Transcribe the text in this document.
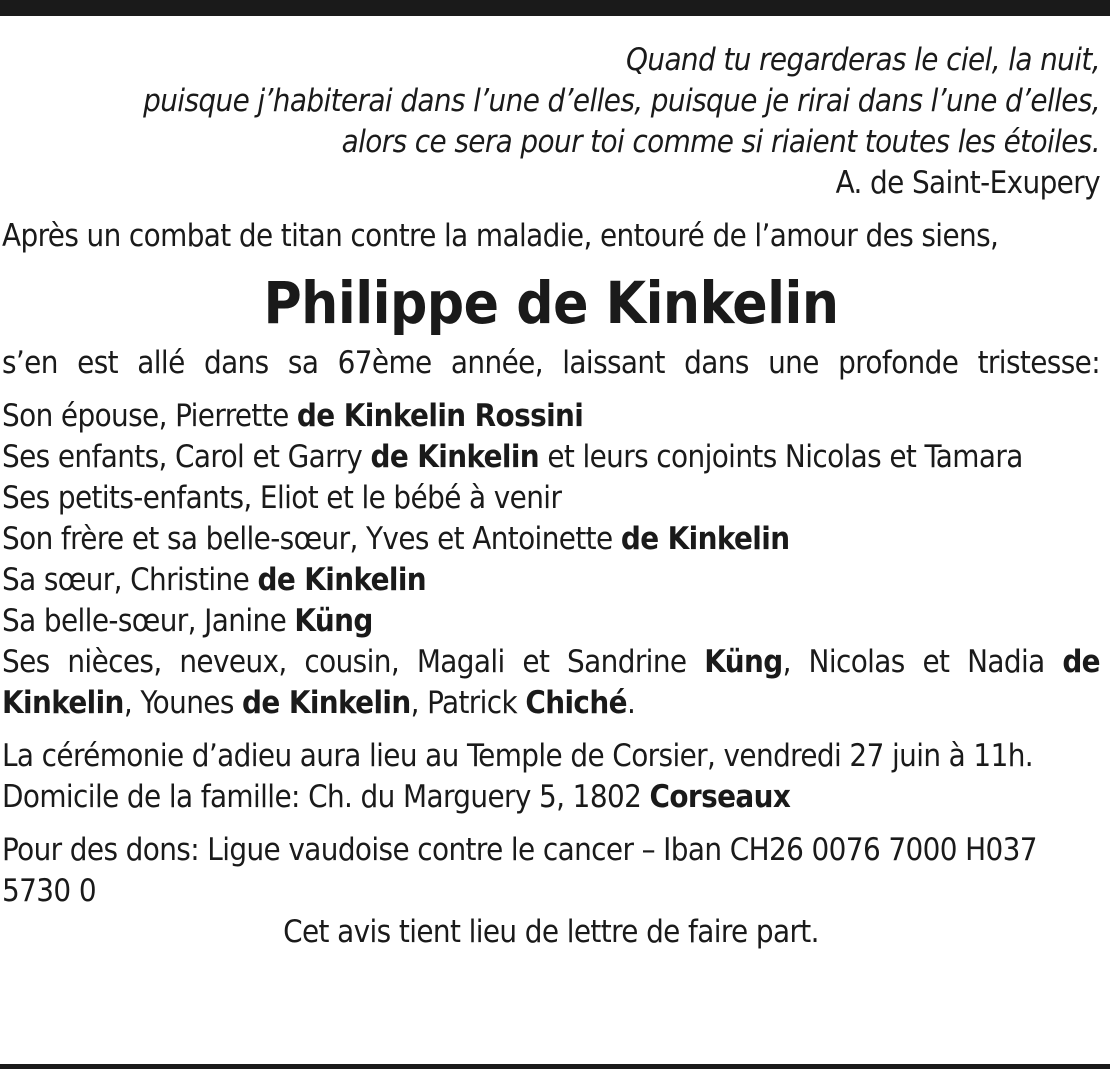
Quand tu regarderas le ciel, la nuit,
puisque j’habiterai dans l’une d’elles, puisque je rirai dans l’une d’elles,
alors ce sera pour toi comme si riaient toutes les étoiles.
A. de Saint-Exupery
Après un combat de titan contre la maladie, entouré de l’amour des siens,
Philippe de Kinkelin
s’en est allé dans sa 67ème année, laissant dans une profonde tristesse:
Son épouse, Pierrette de Kinkelin Rossini
Ses enfants, Carol et Garry de Kinkelin et leurs conjoints Nicolas et Tamara
Ses petits-enfants, Eliot et le bébé à venir
Son frère et sa belle-sœur, Yves et Antoinette de Kinkelin
Sa sœur, Christine de Kinkelin
Sa belle-sœur, Janine Küng
Ses nièces, neveux, cousin, Magali et Sandrine Küng, Nicolas et Nadia de Kinkelin, Younes de Kinkelin, Patrick Chiché.
La cérémonie d’adieu aura lieu au Temple de Corsier, vendredi 27 juin à 11h.
Domicile de la famille: Ch. du Marguery 5, 1802 Corseaux
Pour des dons: Ligue vaudoise contre le cancer – Iban CH26 0076 7000 H037 5730 0
Cet avis tient lieu de lettre de faire part.
